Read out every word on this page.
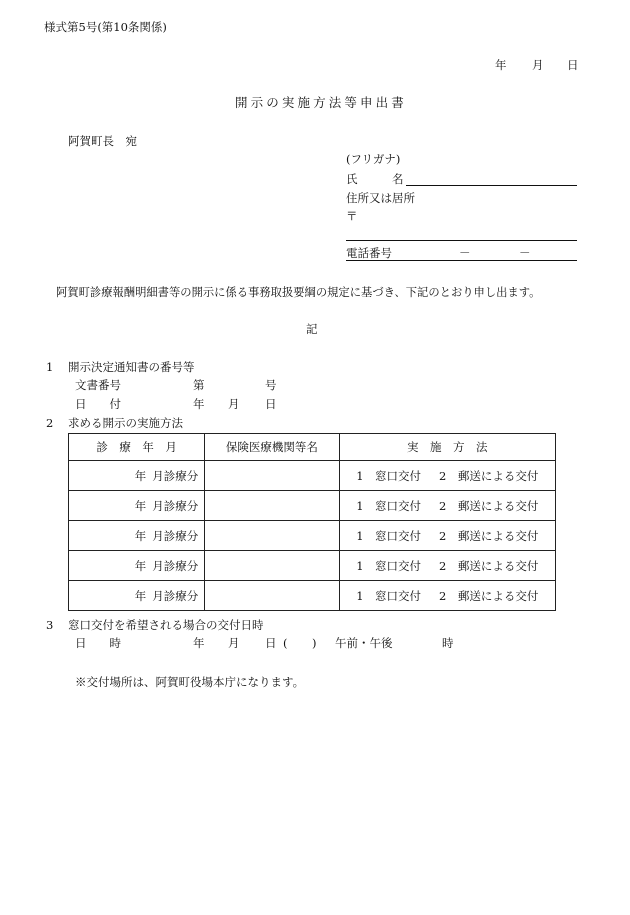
様式第5号(第10条関係)
年 月 日
開示の実施方法等申出書
阿賀町長　宛
(フリガナ)
氏　　　名
住所又は居所
〒
電話番号	－	－
阿賀町診療報酬明細書等の開示に係る事務取扱要綱の規定に基づき、下記のとおり申し出ます。
記
1 開示決定通知書の番号等
文書番号	第	号
日　　付	年 月 日
2 求める開示の実施方法
診　療　年　月	保険医療機関等名	実　施　方　法

年 月診療分		1　窓口交付 2　郵送による交付

年 月診療分		1　窓口交付 2　郵送による交付

年 月診療分		1　窓口交付 2　郵送による交付

年 月診療分		1　窓口交付 2　郵送による交付

年 月診療分		1　窓口交付 2　郵送による交付
3 窓口交付を希望される場合の交付日時
日　　時	年 月 日 ( ) 午前・午後	時
※交付場所は、阿賀町役場本庁になります。
